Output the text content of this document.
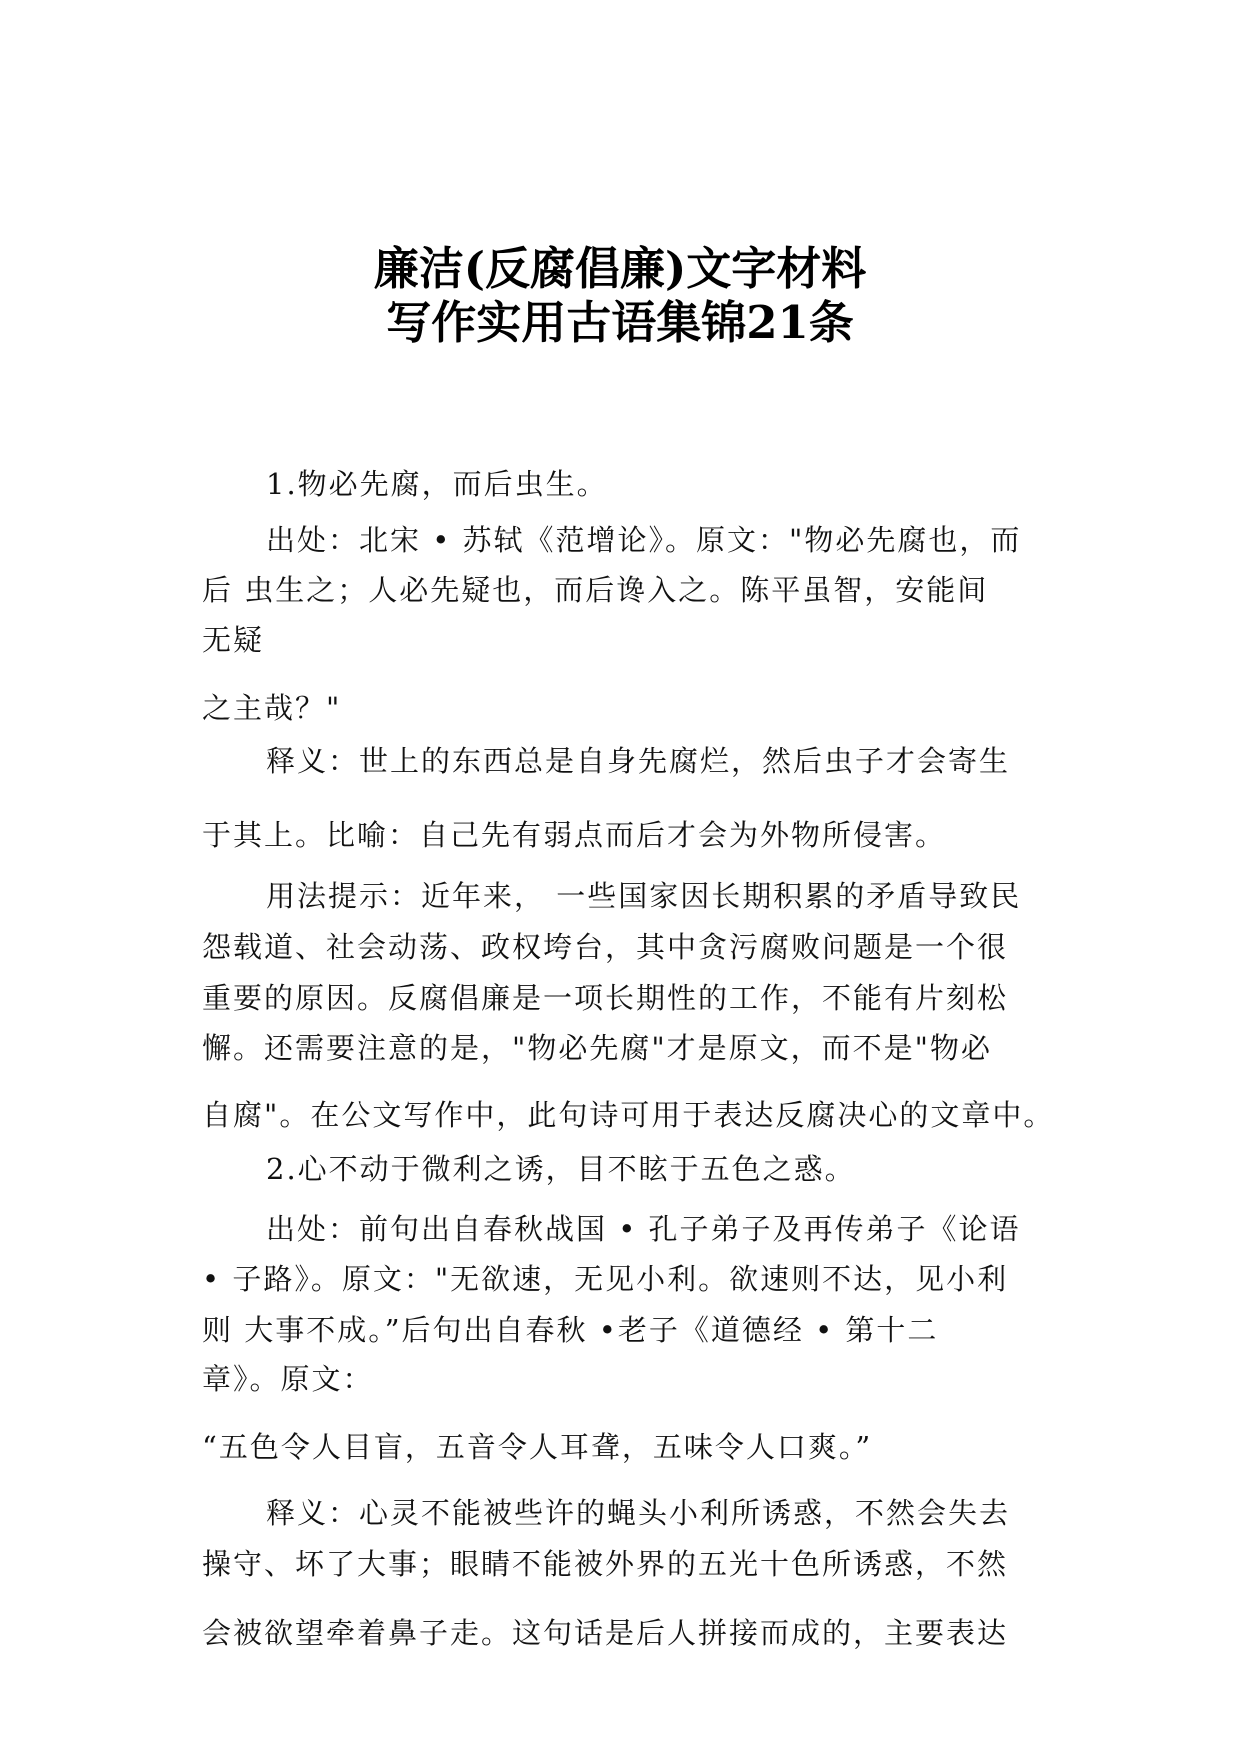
廉洁(反腐倡廉)文字材料
写作实用古语集锦21条
1.物必先腐，而后虫生。
出处：北宋 • 苏轼《范增论》。原文："物必先腐也，而
后 虫生之；人必先疑也，而后谗入之。陈平虽智，安能间
无疑
之主哉？"
释义：世上的东西总是自身先腐烂，然后虫子才会寄生
于其上。比喻：自己先有弱点而后才会为外物所侵害。
用法提示：近年来， 一些国家因长期积累的矛盾导致民
怨载道、社会动荡、政权垮台，其中贪污腐败问题是一个很
重要的原因。反腐倡廉是一项长期性的工作，不能有片刻松
懈。还需要注意的是，"物必先腐"才是原文，而不是"物必
自腐"。在公文写作中，此句诗可用于表达反腐决心的文章中。
2.心不动于微利之诱，目不眩于五色之惑。
出处：前句出自春秋战国 • 孔子弟子及再传弟子《论语
• 子路》。原文："无欲速，无见小利。欲速则不达，见小利
则 大事不成。”后句出自春秋 •老子《道德经 • 第十二
章》。原文：
“五色令人目盲，五音令人耳聋，五味令人口爽。”
释义：心灵不能被些许的蝇头小利所诱惑，不然会失去
操守、坏了大事；眼睛不能被外界的五光十色所诱惑，不然
会被欲望牵着鼻子走。这句话是后人拼接而成的，主要表达
